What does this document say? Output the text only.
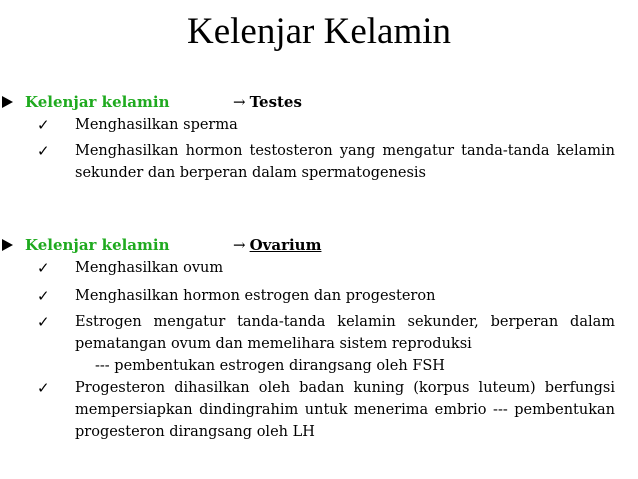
Kelenjar Kelamin
Kelenjar kelamin	→ Testes
✓ Menghasilkan sperma
✓ Menghasilkan hormon testosteron yang mengatur tanda-tanda kelamin sekunder dan berperan dalam spermatogenesis
Kelenjar kelamin	→ Ovarium
✓ Menghasilkan ovum
✓ Menghasilkan hormon estrogen dan progesteron
✓ Estrogen mengatur tanda-tanda kelamin sekunder, berperan dalam pematangan ovum dan memelihara sistem reproduksi
--- pembentukan estrogen dirangsang oleh FSH
✓ Progesteron dihasilkan oleh badan kuning (korpus luteum) berfungsi mempersiapkan dindingrahim untuk menerima embrio --- pembentukan progesteron dirangsang oleh LH
